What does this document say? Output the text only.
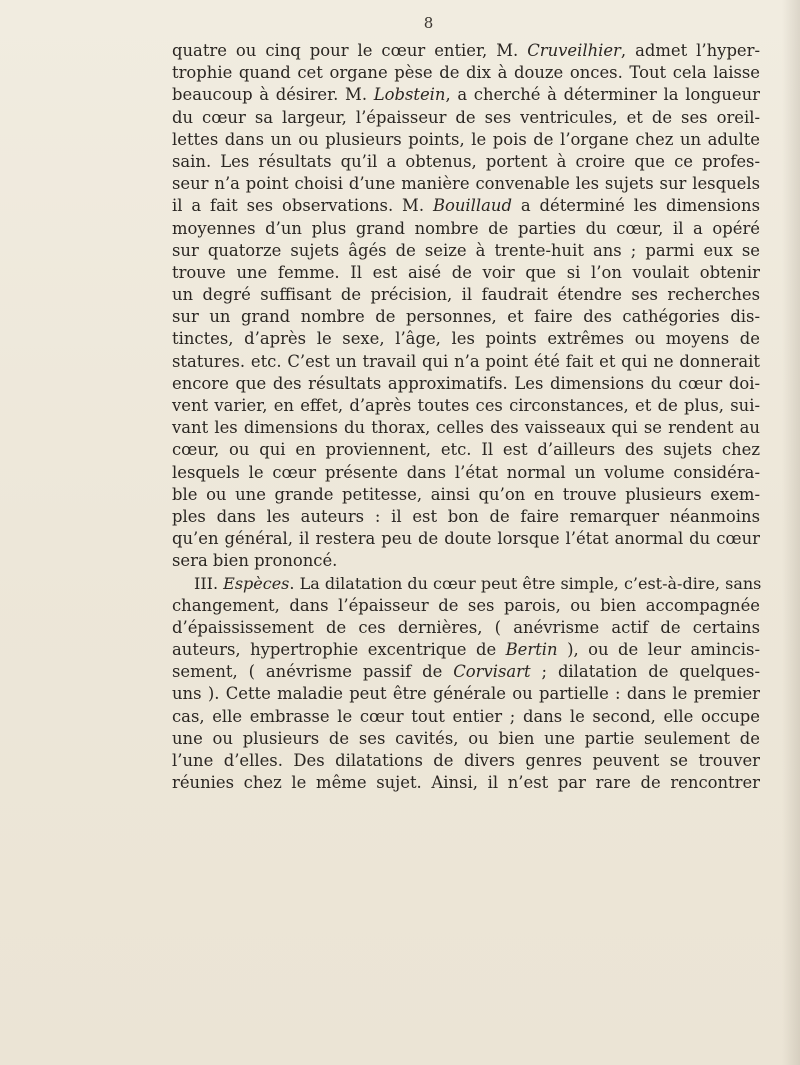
8
quatre ou cinq pour le cœur entier, M. Cruveilhier, admet l’hyper-
trophie quand cet organe pèse de dix à douze onces. Tout cela laisse
beaucoup à désirer. M. Lobstein, a cherché à déterminer la longueur
du cœur sa largeur, l’épaisseur de ses ventricules, et de ses oreil-
lettes dans un ou plusieurs points, le pois de l’organe chez un adulte
sain. Les résultats qu’il a obtenus, portent à croire que ce profes-
seur n’a point choisi d’une manière convenable les sujets sur lesquels
il a fait ses observations. M. Bouillaud a déterminé les dimensions
moyennes d’un plus grand nombre de parties du cœur, il a opéré
sur quatorze sujets âgés de seize à trente-huit ans ; parmi eux se
trouve une femme. Il est aisé de voir que si l’on voulait obtenir
un degré suffisant de précision, il faudrait étendre ses recherches
sur un grand nombre de personnes, et faire des cathégories dis-
tinctes, d’après le sexe, l’âge, les points extrêmes ou moyens de
statures. etc. C’est un travail qui n’a point été fait et qui ne donnerait
encore que des résultats approximatifs. Les dimensions du cœur doi-
vent varier, en effet, d’après toutes ces circonstances, et de plus, sui-
vant les dimensions du thorax, celles des vaisseaux qui se rendent au
cœur, ou qui en proviennent, etc. Il est d’ailleurs des sujets chez
lesquels le cœur présente dans l’état normal un volume considéra-
ble ou une grande petitesse, ainsi qu’on en trouve plusieurs exem-
ples dans les auteurs : il est bon de faire remarquer néanmoins
qu’en général, il restera peu de doute lorsque l’état anormal du cœur
sera bien prononcé.
III. Espèces. La dilatation du cœur peut être simple, c’est-à-dire, sans
changement, dans l’épaisseur de ses parois, ou bien accompagnée
d’épaississement de ces dernières, ( anévrisme actif de certains
auteurs, hypertrophie excentrique de Bertin ), ou de leur amincis-
sement, ( anévrisme passif de Corvisart ; dilatation de quelques-
uns ). Cette maladie peut être générale ou partielle : dans le premier
cas, elle embrasse le cœur tout entier ; dans le second, elle occupe
une ou plusieurs de ses cavités, ou bien une partie seulement de
l’une d’elles. Des dilatations de divers genres peuvent se trouver
réunies chez le même sujet. Ainsi, il n’est par rare de rencontrer
